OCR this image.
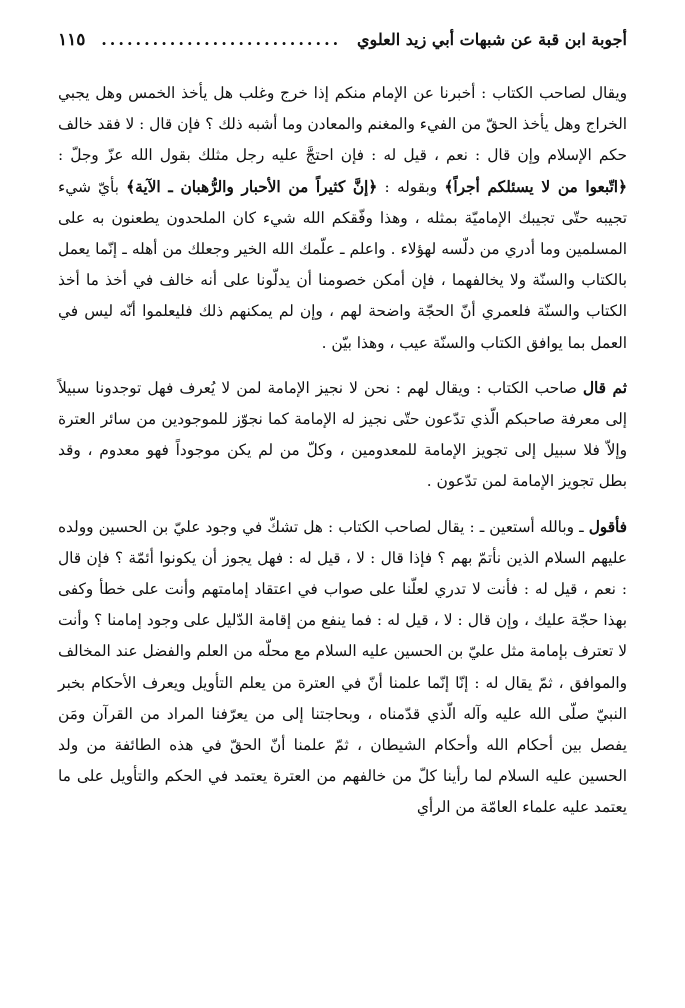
أجوبة ابن قبة عن شبهات أبي زيد العلوي
............................
١١٥

ويقال لصاحب الكتاب : أخبرنا عن الإمام منكم إذا خرج وغلب هل يأخذ الخمس وهل يجبي الخراج وهل يأخذ الحقّ من الفيء والمغنم والمعادن وما أشبه ذلك ؟ فإن قال : لا فقد خالف حكم الإسلام وإن قال : نعم ، قيل له : فإن احتجَّ عليه رجل مثلك بقول الله عزّ وجلّ : ﴿اتّبعوا من لا يسئلكم أجراً﴾ وبقوله : ﴿إنَّ كثيراً من الأحبار والرُّهبان ـ الآية﴾ بأيّ شيء تجيبه حتّى تجيبك الإماميّة بمثله ، وهذا وفّقكم الله شيء كان الملحدون يطعنون به على المسلمين وما أدري من دلّسه لهؤلاء . واعلم ـ علّمك الله الخير وجعلك من أهله ـ إنّما يعمل بالكتاب والسنّة ولا يخالفهما ، فإن أمكن خصومنا أن يدلّونا على أنه خالف في أخذ ما أخذ الكتاب والسنّة فلعمري أنّ الحجّة واضحة لهم ، وإن لم يمكنهم ذلك فليعلموا أنّه ليس في العمل بما يوافق الكتاب والسنّة عيب ، وهذا بيّن .

ثم قال صاحب الكتاب : ويقال لهم : نحن لا نجيز الإمامة لمن لا يُعرف فهل توجدونا سبيلاً إلى معرفة صاحبكم الّذي تدّعون حتّى نجيز له الإمامة كما نجوّز للموجودين من سائر العترة وإلاّ فلا سبيل إلى تجويز الإمامة للمعدومين ، وكلّ من لم يكن موجوداً فهو معدوم ، وقد بطل تجويز الإمامة لمن تدّعون .

فأقول ـ وبالله أستعين ـ : يقال لصاحب الكتاب : هل تشكّ في وجود عليّ بن الحسين وولده عليهم السلام الذين نأتمّ بهم ؟ فإذا قال : لا ، قيل له : فهل يجوز أن يكونوا أئمّة ؟ فإن قال : نعم ، قيل له : فأنت لا تدري لعلّنا على صواب في اعتقاد إمامتهم وأنت على خطأ وكفى بهذا حجّة عليك ، وإن قال : لا ، قيل له : فما ينفع من إقامة الدّليل على وجود إمامنا ؟ وأنت لا تعترف بإمامة مثل عليّ بن الحسين عليه السلام مع محلّه من العلم والفضل عند المخالف والموافق ، ثمّ يقال له : إنّا إنّما علمنا أنّ في العترة من يعلم التأويل ويعرف الأحكام بخبر النبيّ صلّى الله عليه وآله الّذي قدّمناه ، وبحاجتنا إلى من يعرّفنا المراد من القرآن ومَن يفصل بين أحكام الله وأحكام الشيطان ، ثمّ علمنا أنّ الحقّ في هذه الطائفة من ولد الحسين عليه السلام لما رأينا كلّ من خالفهم من العترة يعتمد في الحكم والتأويل على ما يعتمد عليه علماء العامّة من الرأي
